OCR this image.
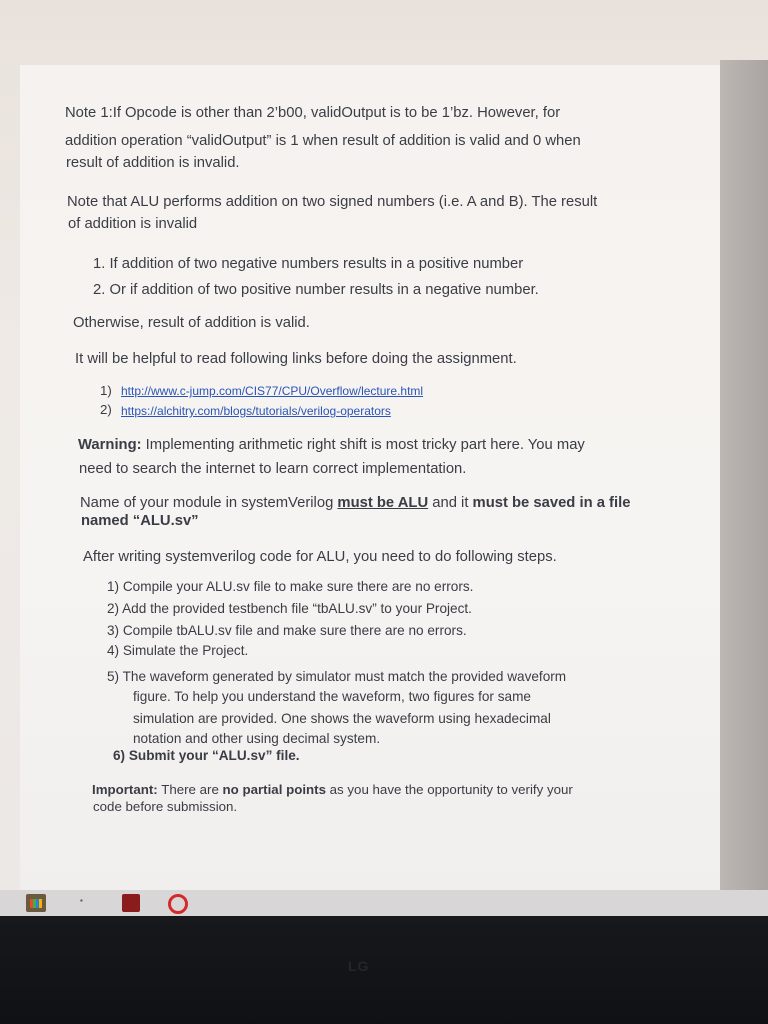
Note 1:If Opcode is other than 2’b00, validOutput is to be 1’bz. However, for
addition operation “validOutput” is 1 when result of addition is valid and 0 when
result of addition is invalid.
Note that ALU performs addition on two signed numbers (i.e. A and B). The result
of addition is invalid
1. If addition of two negative numbers results in a positive number
2. Or if addition of two positive number results in a negative number.
Otherwise, result of addition is valid.
It will be helpful to read following links before doing the assignment.
1) http://www.c-jump.com/CIS77/CPU/Overflow/lecture.html
2) https://alchitry.com/blogs/tutorials/verilog-operators
Warning: Implementing arithmetic right shift is most tricky part here. You may
need to search the internet to learn correct implementation.
Name of your module in systemVerilog must be ALU and it must be saved in a file
named “ALU.sv”
After writing systemverilog code for ALU, you need to do following steps.
1) Compile your ALU.sv file to make sure there are no errors.
2) Add the provided testbench file “tbALU.sv” to your Project.
3) Compile tbALU.sv file and make sure there are no errors.
4) Simulate the Project.
5) The waveform generated by simulator must match the provided waveform
figure. To help you understand the waveform, two figures for same
simulation are provided. One shows the waveform using hexadecimal
notation and other using decimal system.
6) Submit your “ALU.sv” file.
Important: There are no partial points as you have the opportunity to verify your
code before submission.
▪
LG
